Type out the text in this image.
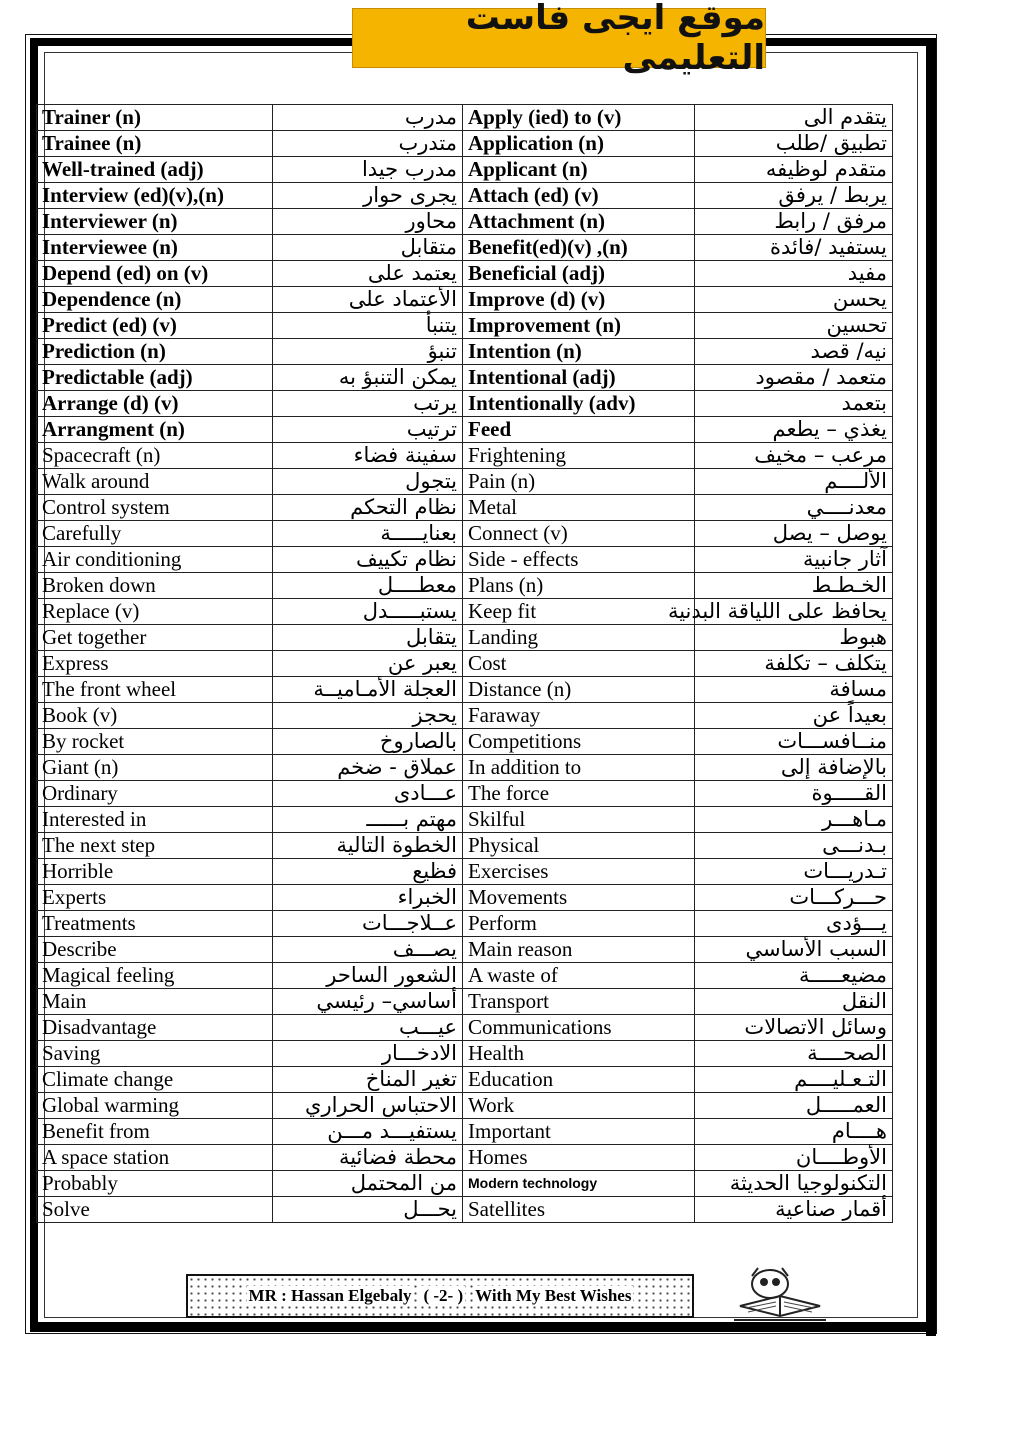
موقع ايجى فاست التعليمى
Trainer (n)	مدرب	Apply (ied) to (v)	يتقدم الى
Trainee (n)	متدرب	Application (n)	تطبيق /طلب
Well-trained (adj)	مدرب جيدا	Applicant (n)	متقدم لوظيفه
Interview (ed)(v),(n)	يجرى حوار	Attach (ed) (v)	يربط / يرفق
Interviewer (n)	محاور	Attachment (n)	مرفق / رابط
Interviewee (n)	متقابل	Benefit(ed)(v) ,(n)	يستفيد /فائدة
Depend (ed) on (v)	يعتمد على	Beneficial (adj)	مفيد
Dependence (n)	الأعتماد على	Improve (d) (v)	يحسن
Predict (ed) (v)	يتنبأ	Improvement (n)	تحسين
Prediction (n)	تنبؤ	Intention (n)	نيه/ قصد
Predictable (adj)	يمكن التنبؤ به	Intentional (adj)	متعمد / مقصود
Arrange (d) (v)	يرتب	Intentionally (adv)	بتعمد
Arrangment (n)	ترتيب	Feed	يغذي – يطعم
Spacecraft (n)	سفينة فضاء	Frightening	مرعب – مخيف
Walk around	يتجول	Pain (n)	الألــــم
Control system	نظام التحكم	Metal	معدنــــي
Carefully	بعنايـــــة	Connect (v)	يوصل – يصل
Air conditioning	نظام تكييف	Side - effects	آثار جانبية
Broken down	معطــــل	Plans (n)	الخـطـط
Replace (v)	يستبـــــدل	Keep fit	يحافظ على اللياقة البدنية
Get together	يتقابل	Landing	هبوط
Express	يعبر عن	Cost	يتكلف – تكلفة
The front wheel	العجلة الأمـاميــة	Distance (n)	مسافة
Book (v)	يحجز	Faraway	بعيداً عن
By rocket	بالصاروخ	Competitions	منــافســـات
Giant (n)	عملاق - ضخم	In addition to	بالإضافة إلى
Ordinary	عـــادى	The force	القـــــوة
Interested in	مهتم بــــــ	Skilful	مـاهـــر
The next step	الخطوة التالية	Physical	بـدنـــى
Horrible	فظيع	Exercises	تـدريـــات
Experts	الخبراء	Movements	حـــركـــات
Treatments	عــلاجـــات	Perform	يـــؤدى
Describe	يصـــف	Main reason	السبب الأساسي
Magical feeling	الشعور الساحر	A waste of	مضيعـــــة
Main	أساسي– رئيسي	Transport	النقل
Disadvantage	عيـــب	Communications	وسائل الاتصالات
Saving	الادخـــار	Health	الصحــــة
Climate change	تغير المناخ	Education	التـعـليــــم
Global warming	الاحتباس الحراري	Work	العمـــــل
Benefit from	يستفيـــد مـــن	Important	هــــام
A space station	محطة فضائية	Homes	الأوطــــان
Probably	من المحتمل	Modern technology	التكنولوجيا الحديثة
Solve	يحـــل	Satellites	أقمار صناعية
MR : Hassan Elgebaly ( -2- ) With My Best Wishes
